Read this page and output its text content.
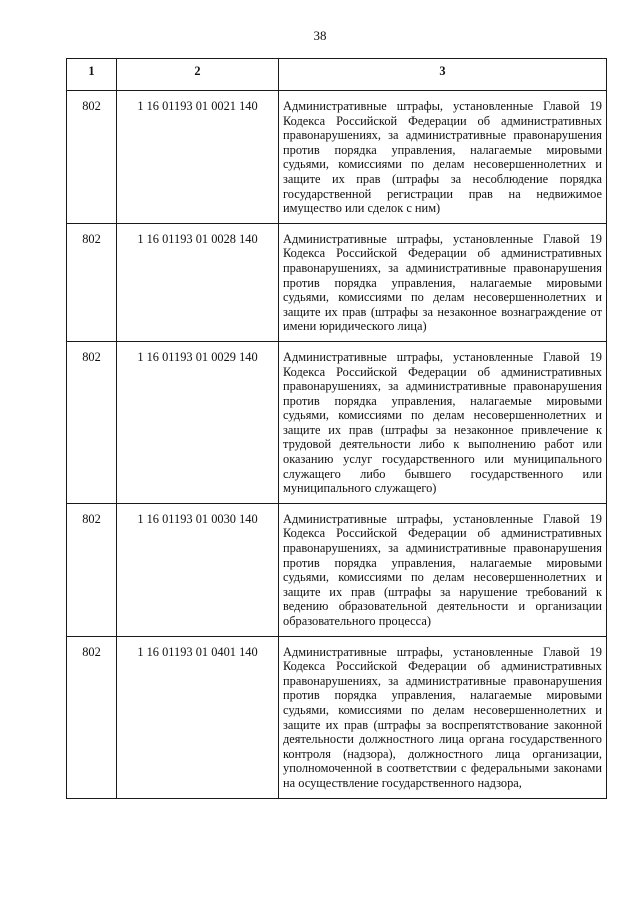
38
1	2	3
802	1 16 01193 01 0021 140	Административные штрафы, установленные Главой 19 Кодекса Российской Федерации об административных правонарушениях, за административные правонарушения против порядка управления, налагаемые мировыми судьями, комиссиями по делам несовершеннолетних и защите их прав (штрафы за несоблюдение порядка государственной регистрации прав на недвижимое имущество или сделок с ним)
802	1 16 01193 01 0028 140	Административные штрафы, установленные Главой 19 Кодекса Российской Федерации об административных правонарушениях, за административные правонарушения против порядка управления, налагаемые мировыми судьями, комиссиями по делам несовершеннолетних и защите их прав (штрафы за незаконное вознаграждение от имени юридического лица)
802	1 16 01193 01 0029 140	Административные штрафы, установленные Главой 19 Кодекса Российской Федерации об административных правонарушениях, за административные правонарушения против порядка управления, налагаемые мировыми судьями, комиссиями по делам несовершеннолетних и защите их прав (штрафы за незаконное привлечение к трудовой деятельности либо к выполнению работ или оказанию услуг государственного или муниципального служащего либо бывшего государственного или муниципального служащего)
802	1 16 01193 01 0030 140	Административные штрафы, установленные Главой 19 Кодекса Российской Федерации об административных правонарушениях, за административные правонарушения против порядка управления, налагаемые мировыми судьями, комиссиями по делам несовершеннолетних и защите их прав (штрафы за нарушение требований к ведению образовательной деятельности и организации образовательного процесса)
802	1 16 01193 01 0401 140	Административные штрафы, установленные Главой 19 Кодекса Российской Федерации об административных правонарушениях, за административные правонарушения против порядка управления, налагаемые мировыми судьями, комиссиями по делам несовершеннолетних и защите их прав (штрафы за воспрепятствование законной деятельности должностного лица органа государственного контроля (надзора), должностного лица организации, уполномоченной в соответствии с федеральными законами на осуществление государственного надзора,
